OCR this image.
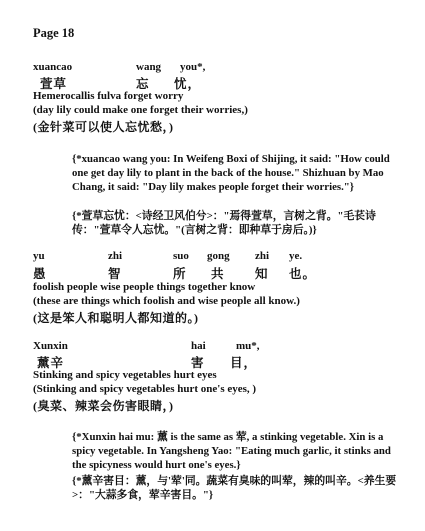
Page 18
xuancao	wang you*,
萱草	忘 忧，
Hemerocallis fulva forget worry
(day lily could make one forget their worries,)
(金针菜可以使人忘忧愁，)
{*xuancao wang you: In Weifeng Boxi of Shijing, it said: "How could one get day lily to plant in the back of the house." Shizhuan by Mao Chang, it said: "Day lily makes people forget their worries."}
{*萱草忘忧：<诗经卫风伯兮>："焉得萱草，言树之背。"毛苌诗传："萱草令人忘忧。"(言树之背：即种草于房后。)}
yu	zhi	suo gong zhi ye.
愚	智	所 共 知 也。
foolish people wise people things together know
(these are things which foolish and wise people all know.)
(这是笨人和聪明人都知道的。)
Xunxin	hai	mu*,
薰辛	害 目，
Stinking and spicy vegetables hurt eyes
(Stinking and spicy vegetables hurt one's eyes, )
(臭菜、辣菜会伤害眼睛，)
{*Xunxin hai mu: 薰 is the same as 荤, a stinking vegetable. Xin is a spicy vegetable. In Yangsheng Yao: "Eating much garlic, it stinks and the spicyness would hurt one's eyes.}
{*薰辛害目：薰，与'荤'同。蔬菜有臭味的叫荤，辣的叫辛。<养生要>："大蒜多食，荤辛害目。"}
